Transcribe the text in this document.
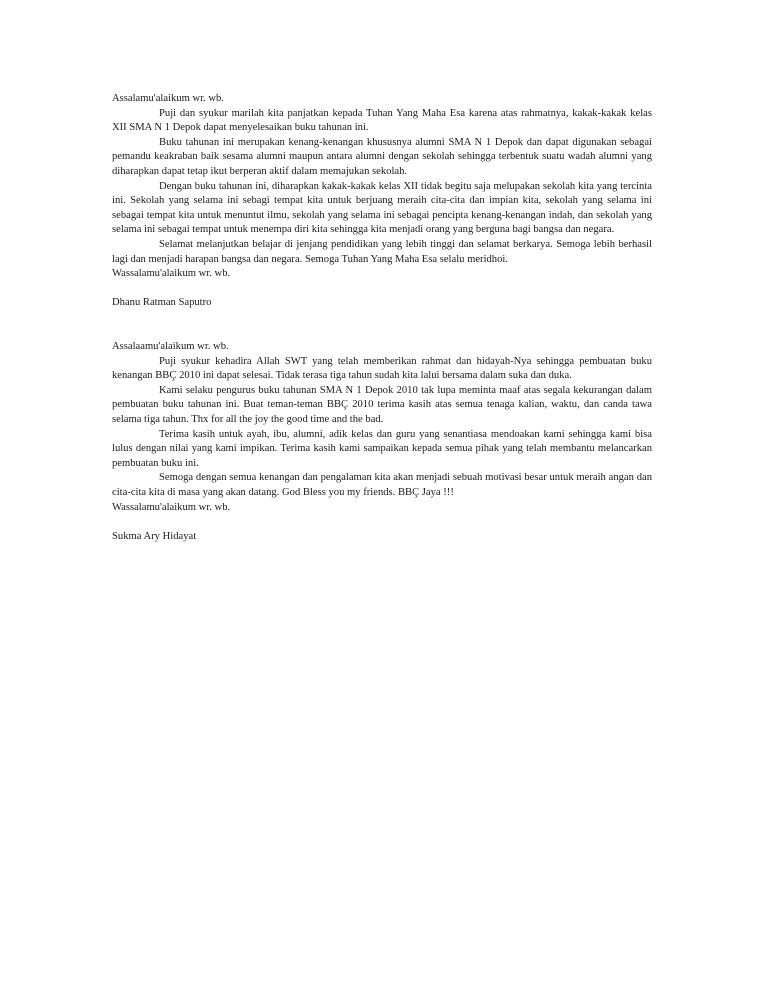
Assalamu'alaikum wr. wb.
Puji dan syukur marilah kita panjatkan kepada Tuhan Yang Maha Esa karena atas rahmatnya, kakak-kakak kelas XII SMA N 1 Depok dapat menyelesaikan buku tahunan ini.
Buku tahunan ini merupakan kenang-kenangan khususnya alumni SMA N 1 Depok dan dapat digunakan sebagai pemandu keakraban baik sesama alumni maupun antara alumni dengan sekolah sehingga terbentuk suatu wadah alumni yang diharapkan dapat tetap ikut berperan aktif dalam memajukan sekolah.
Dengan buku tahunan ini, diharapkan kakak-kakak kelas XII tidak begitu saja melupakan sekolah kita yang tercinta ini. Sekolah yang selama ini sebagi tempat kita untuk berjuang meraih cita-cita dan impian kita, sekolah yang selama ini sebagai tempat kita untuk menuntut ilmu, sekolah yang selama ini sebagai pencipta kenang-kenangan indah, dan sekolah yang selama ini sebagai tempat untuk menempa diri kita sehingga kita menjadi orang yang berguna bagi bangsa dan negara.
Selamat melanjutkan belajar di jenjang pendidikan yang lebih tinggi dan selamat berkarya. Semoga lebih berhasil lagi dan menjadi harapan bangsa dan negara. Semoga Tuhan Yang Maha Esa selalu meridhoi.
Wassalamu'alaikum wr. wb.
Dhanu Ratman Saputro
Assalaamu'alaikum wr. wb.
Puji syukur kehadira Allah SWT yang telah memberikan rahmat dan hidayah-Nya sehingga pembuatan buku kenangan BBÇ 2010 ini dapat selesai. Tidak terasa tiga tahun sudah kita lalui bersama dalam suka dan duka.
Kami selaku pengurus buku tahunan SMA N 1 Depok 2010 tak lupa meminta maaf atas segala kekurangan dalam pembuatan buku tahunan ini. Buat teman-teman BBÇ 2010 terima kasih atas semua tenaga kalian, waktu, dan canda tawa selama tiga tahun. Thx for all the joy the good time and the bad.
Terima kasih untuk ayah, ibu, alumni, adik kelas dan guru yang senantiasa mendoakan kami sehingga kami bisa lulus dengan nilai yang kami impikan. Terima kasih kami sampaikan kepada semua pihak yang telah membantu melancarkan pembuatan buku ini.
Semoga dengan semua kenangan dan pengalaman kita akan menjadi sebuah motivasi besar untuk meraih angan dan cita-cita kita di masa yang akan datang. God Bless you my friends. BBÇ Jaya !!!
Wassalamu'alaikum wr. wb.
Sukma Ary Hidayat
